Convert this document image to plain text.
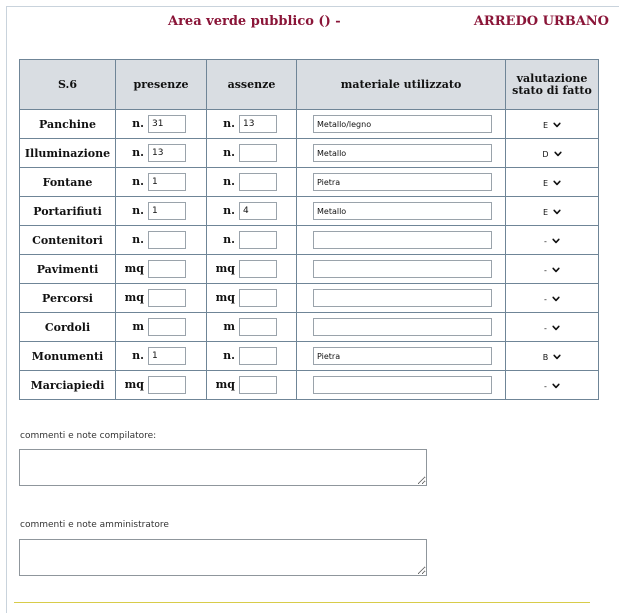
Area verde pubblico () -	ARREDO URBANO
S.6	presenze	assenze	materiale utilizzato	valutazione stato di fatto
Panchine	n.31	n.13	Metallo/legno	E

Illuminazione	n.13	n.	Metallo	D

Fontane	n.1	n.	Pietra	E

Portarifiuti	n.1	n.4	Metallo	E

Contenitori	n.	n.		-

Pavimenti	mq	mq		-

Percorsi	mq	mq		-

Cordoli	m	m		-

Monumenti	n.1	n.	Pietra	B

Marciapiedi	mq	mq		-
commenti e note compilatore:
commenti e note amministratore
